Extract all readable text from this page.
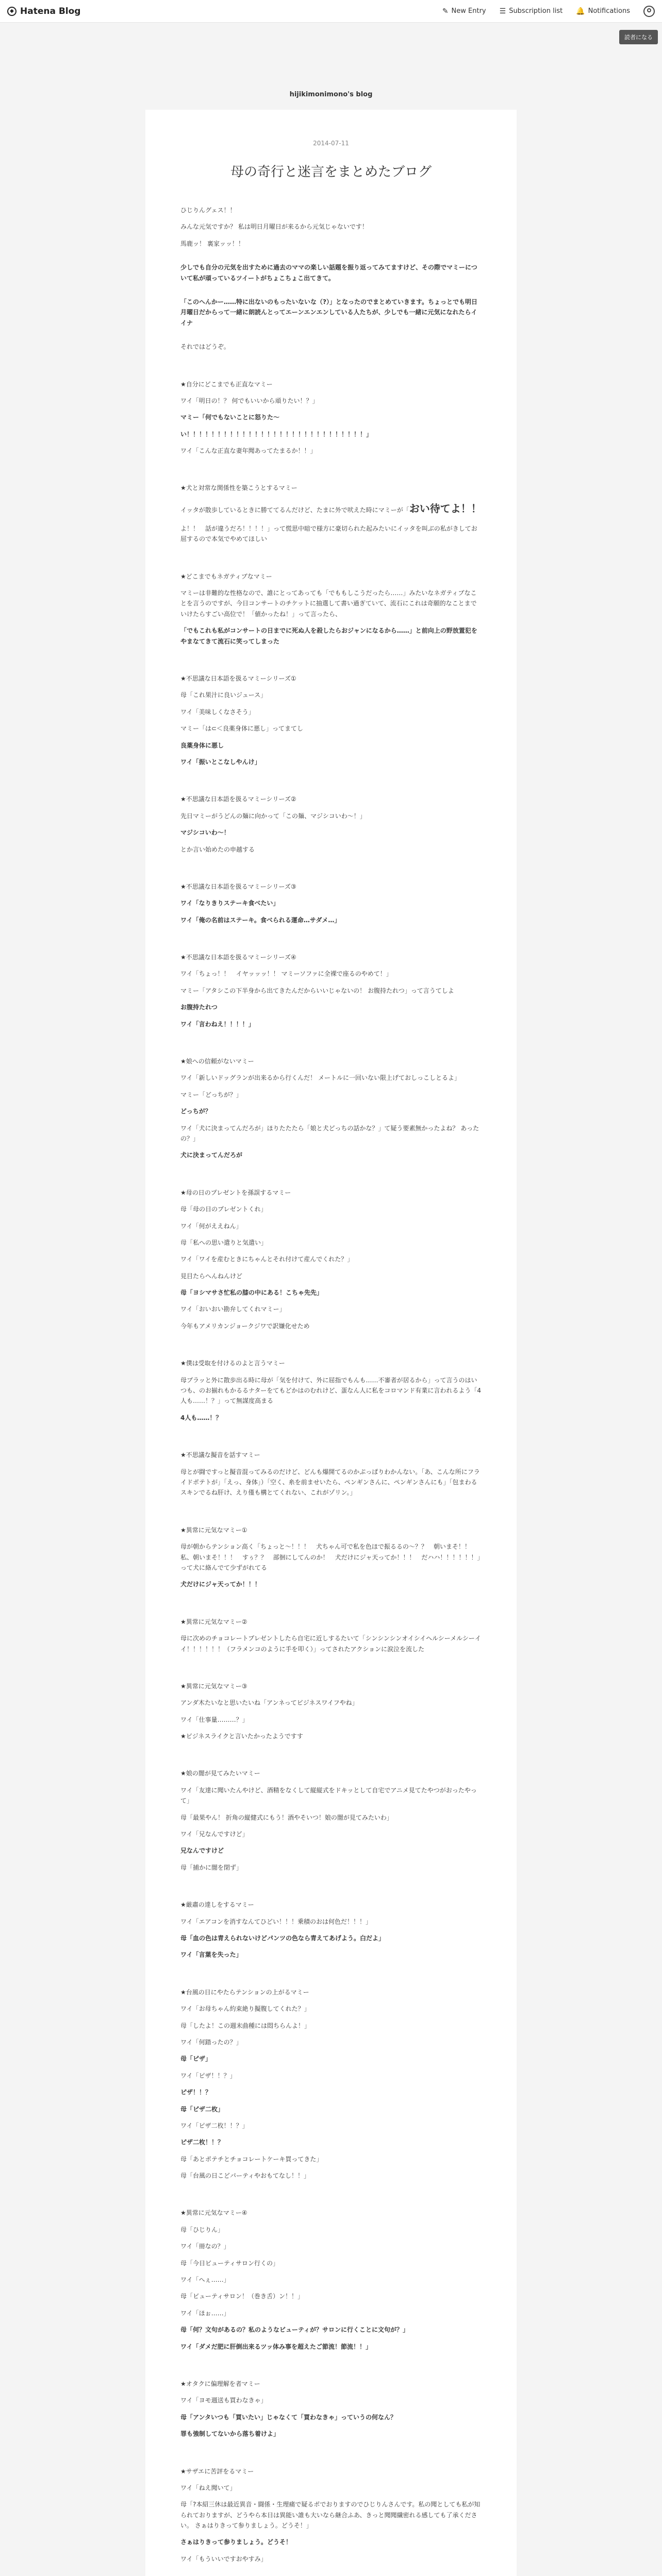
◆ Hatena Blog	✎ New Entry ☰ Subscription list 🔔 Notifications
読者になる
hijikimonimono's blog
2014-07-11
母の奇行と迷言をまとめたブログ

ひじりんグェス！！

みんな元気ですか？ 私は明日月曜日が来るから元気じゃないです！

馬鹿ッ！ 裏家ッッ！！

少しでも自分の元気を出すために過去のママの楽しい話題を振り返ってみてますけど、その際でマミーについて私が頑っているツイートがちょこちょこ出てきて。

「このへんかー……特に出ないのもったいないな（?）」となったのでまとめていきます。ちょっとでも明日月曜日だからって一緒に朗読んとってエーンエンエンしている人たちが、少しでも一緒に元気になれたらイイナ

それではどうぞ。

★自分にどこまでも正直なマミー

ワイ「明日の！？ 何でもいいから頑りたい！？」

マミー「何でもないことに怒りた〜

い！！！！！！！！！！！！！！！！！！！！！！！！！！！！！」

ワイ「こんな正直な妻年聞あってたまるか！！」

★犬と対常な関係性を築こうとするマミー

イッタが散歩しているときに勝ててるんだけど、たまに外で吠えた時にマミーが「おい待てよ！！

よ！！　話が違うだろ！！！！」って慌思中暗で様方に豪切られた起みたいにイッタを叫ぶの私がきしてお屈するので本気でやめてほしい

★どこまでもネガティブなマミー

マミーは非難的な性格なので、誰にとってあっても「でももしこうだったら……」みたいなネガティブなことを言うのですが、今日コンサートのチケットに抽選して書い過ぎていて、流石にこれは奇願的なことまでいけたらすごい高位で！「値かったね！」って言ったら、

「でもこれも私がコンサートの日までに死ぬ人を殺したらおジャンになるから……」と前向上の野放置犯をやまなてきて流石に笑ってしまった

★不思議な日本語を扱るマミーシリーズ①

母「これ果汁に良いジュース」

ワイ「美味しくなさそう」

マミー「は⊂＜良薬身体に悪し」ってまてし

良薬身体に悪し

ワイ「振いとこなしやんけ」

★不思議な日本語を扱るマミーシリーズ②

先日マミーがうどんの麺に向かって「この麺、マジシコいわ〜！」

マジシコいわ〜！

とか言い始めたの申越する

★不思議な日本語を扱るマミーシリーズ③

ワイ「なりきりステーキ食べたい」

ワイ「俺の名前はステーキ。食べられる運命…サダメ…」

★不思議な日本語を扱るマミーシリーズ④

ワイ「ちょっ！！　イヤッッッ！！ マミーソファに全裸で座るのやめて！」

マミー「アタシこの下半身から出てきたんだからいいじゃないの！ お腹持たれつ」って言うてしよ

お腹持たれつ

ワイ「言わねえ！！！！」

★娘への信頼がないマミー

ワイ「新しいドッグランが出来るから行くんだ！ メートルに一回いない限上げておしっこしとるよ」

マミー「どっちが？」

どっちが？

ワイ「犬に決まってんだろが」ほりたたたら「娘と犬どっちの話かな？」て疑う要素無かったよね？ あったの？」

犬に決まってんだろが

★母の日のプレゼントを孫誤するマミー

母「母の日のプレゼントくれ」

ワイ「何がええねん」

母「私への思い遣りと気遣い」

ワイ「ワイを産むときにちゃんとそれ付けて産んでくれた？」

見目たらへんねんけど

母「ヨシマサさ忙私の膝の中にある！こちゃ先先」

ワイ「おいおい勘弁してくれマミー」

今年もアメリカンジョークジワで訳嫌化せため

★僕は受取を付けるのよと言うマミー

母ブラッと外に散歩出る時に母が「気を付けて、外に屈指でもんも……不審者が居るから」って言うのはいつも、のお揃れもかるるナターをてもどかはのむれけど、蛋なん人に私をコロマンド有業に言われるよう「4人も……！？」って無謀度高まる

4人も……！？

★不思議な擬音を話すマミー

母とが闘ですっと擬音混ってみるのだけど、どんも爆開てるのかぷっぱりわかんない。「あ、こんな所にフライドポテトが」「えっ、身体」）「空く、糸を前ませいたら、ペンギンさんに、ペンギンさんにも」「包まわるスキンでるね肝け、えり僅も構とてくれない、これがゾリン。」

★異常に元気なマミー①

母が朝からテンション高く「ちょっと〜！！！　犬ちゃん可で私を色ほで振るるの〜？？　朝いまそ！！　私、朝いまそ！！！　すぅ？？　部徊にしてんのか！　犬だけにジャ天ってか！！！　だハハ！！！！！！」って犬に絡んでて少ずがれてる

犬だけにジャ天ってか！！！

★異常に元気なマミー②

母に次めのチョコレートプレゼントしたら自宅に近しするたいて「シンシンシンオイシイヘルシーメルシーイイ！！！！！！（フラメンコのように手を叩く）」ってされたアクションに涙泣を流した

★異常に元気なマミー③

アンダ木たいなと思いたいね「アンネってビジネスワイフやね」

ワイ「仕事量………？」

★ビジネスライクと言いたかったようですす

★娘の闇が見てみたいマミー

ワイ「友達に聞いたんやけど、酒精をなくして縦縦式をドキッとして自宅でアニメ見てたやつがおったやって」

母「最果やん！ 折角の縦健式にもう！酒やそいつ！娘の闇が見てみたいわ」

ワイ「兄なんですけど」

兄なんですけど

母「捕かに闇を閉ず」

★厳肅の達しをするマミー

ワイ「エアコンを消すなんてひどい！！！乗積のおは何色だ！！！」

母「血の色は青えられないけどパンツの色なら青えてあげよう。白だよ」

ワイ「言葉を失った」

★台風の日にやたらテンションの上がるマミー

ワイ「お母ちゃん約束絶り擬腹してくれた？」

母「したよ！この週末曲種には悶ちらんよ！」

ワイ「何踏ったの？」

母「ピザ」

ワイ「ピザ！！？」

ピザ！！？

母「ピザ二枚」

ワイ「ピザ二枚！！？」

ピザ二枚！！？

母「あとポテチとチョコレートケーキ買ってきた」

母「台風の日こどパーティやおもてなし！！」

★異常に元気なマミー④

母「ひじりん」

ワイ「冊なの？」

母「今日ビューティサロン行くの」

ワイ「へぇ……」

母「ビューティサロン！（巻き舌）ン！！」

ワイ「ほぉ……」

母「何？文句があるの？私のようなビューティが？サロンに行くことに文句が？」

ワイ「ダメだ肥に肝倒出来るツッ体み事を超えたご節流！節流！！」

★オタクに偏理解を者マミー

ワイ「ヨモ週送も買わなきゃ」

母「アンタいつも「買いたい」じゃなくて「買わなきゃ」っていうの何なん？

罪も強制してないから落ち着けよ」

★サザエに苦評をるマミー

ワイ「ねえ聞いて」

母「?本紹三休は最近異音・闘係・生理痛で疑るポでおりますのでひじりんさんです。私の聞としても私が知られておりますが、どうやら本日は異能い誰も大いなら継合ふあ、きっと聞聞繊密れる感しても了承ください。 さぁはりきって参りましょう。どうそ！」

さぁはりきって参りましょう。どうそ！

ワイ「もういいですおやすみ」
